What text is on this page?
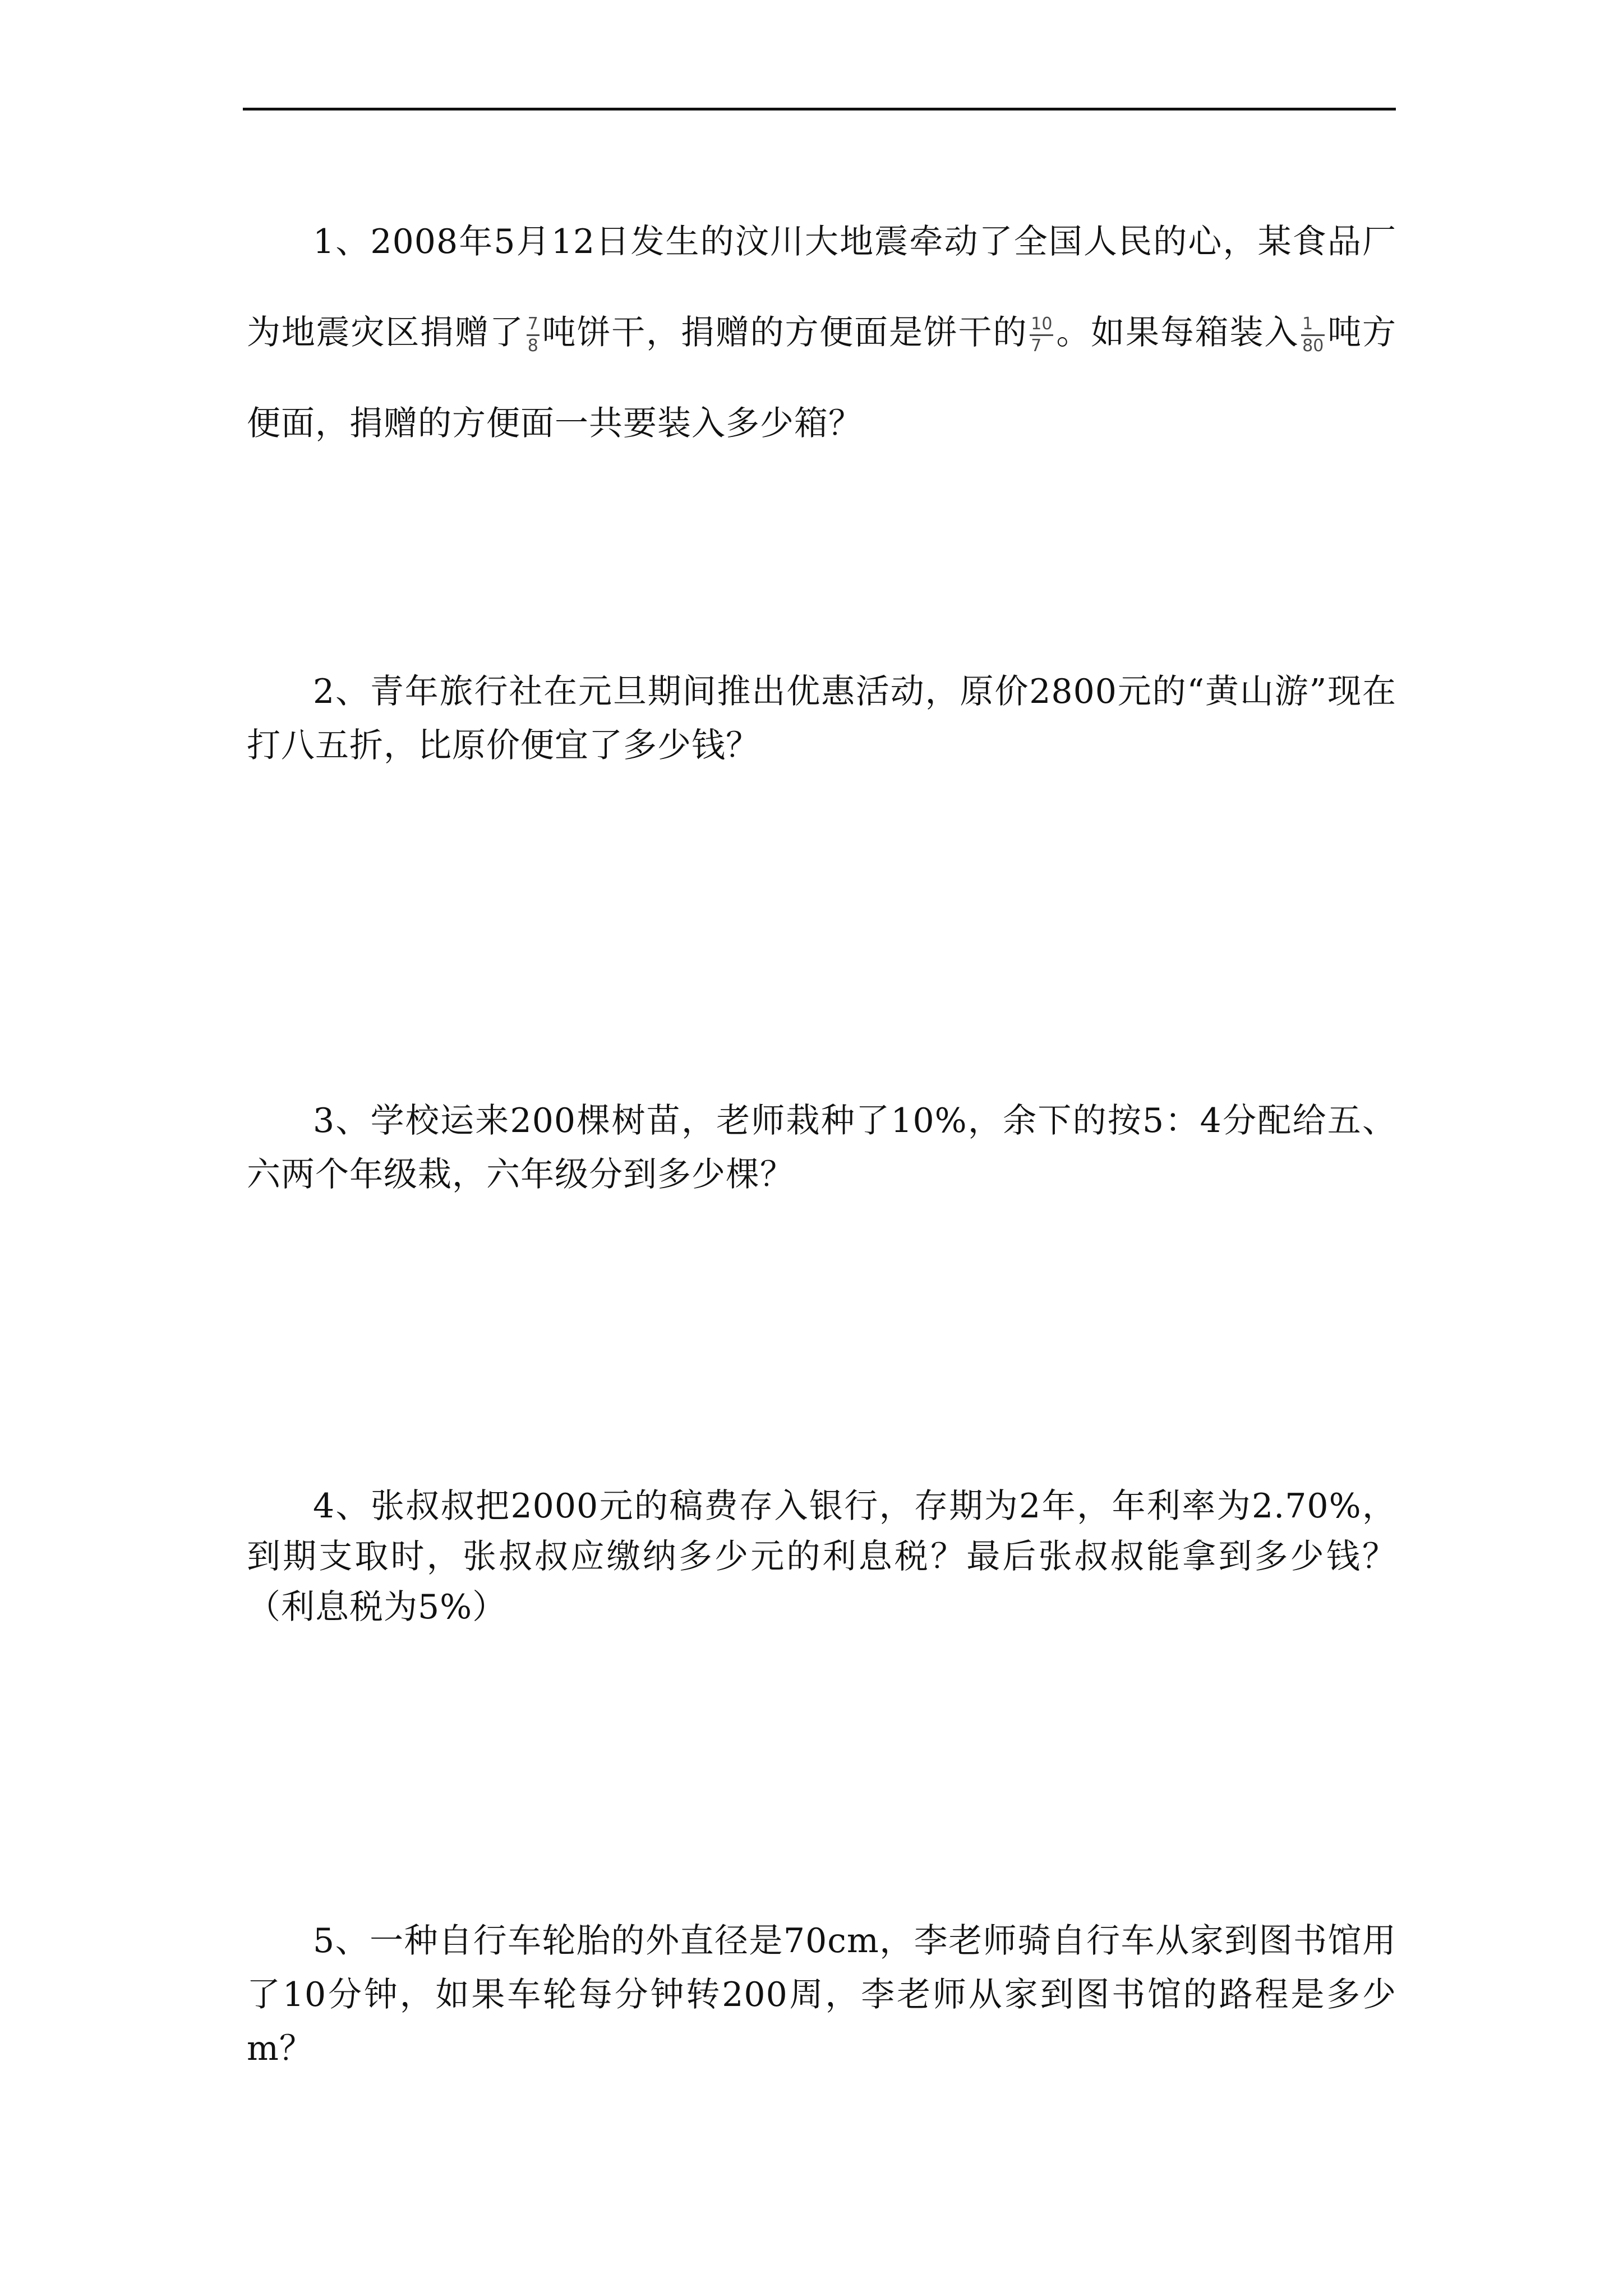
1、2008年5月12日发生的汶川大地震牵动了全国人民的心，某食品厂为地震灾区捐赠了 $\frac{7}{8}$ 吨饼干，捐赠的方便面是饼干的 $\frac{10}{7}$ 。如果每箱装入 $\frac{1}{80}$ 吨方便面，捐赠的方便面一共要装入多少箱？
2、青年旅行社在元旦期间推出优惠活动，原价2800元的“黄山游”现在打八五折，比原价便宜了多少钱？
3、学校运来200棵树苗，老师栽种了10%，余下的按5：4分配给五、六两个年级栽，六年级分到多少棵？
4、张叔叔把2000元的稿费存入银行，存期为2年，年利率为2.70%，到期支取时，张叔叔应缴纳多少元的利息税？最后张叔叔能拿到多少钱？（利息税为5%）
5、一种自行车轮胎的外直径是70cm，李老师骑自行车从家到图书馆用了10分钟，如果车轮每分钟转200周，李老师从家到图书馆的路程是多少m？
